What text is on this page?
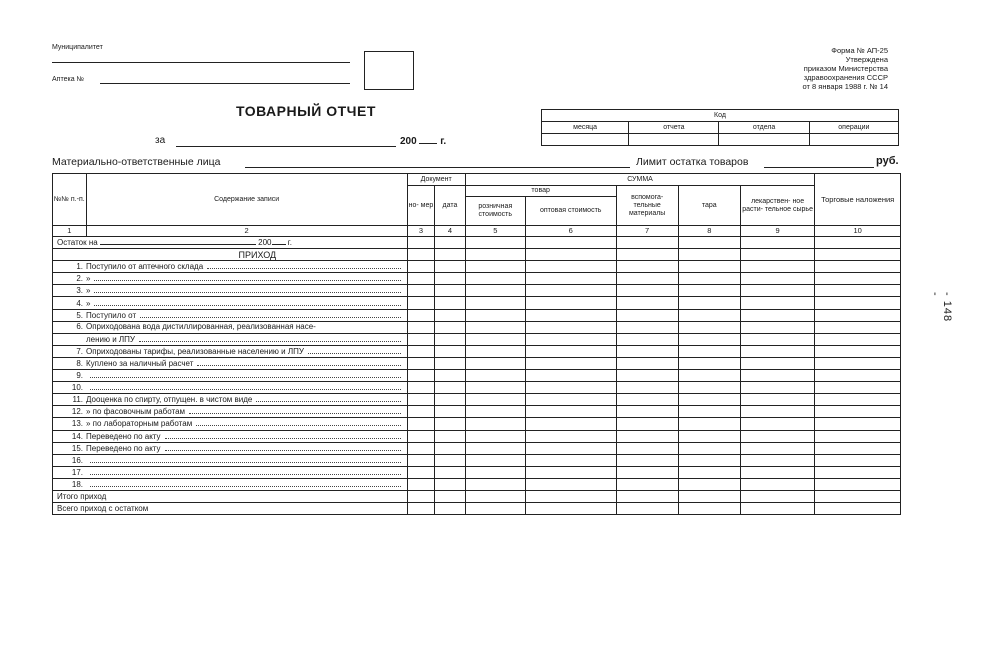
Муниципалитет
Аптека №
Форма № АП-25
Утверждена
приказом Министерства
здравоохранения СССР
от 8 января 1988 г. № 14
ТОВАРНЫЙ ОТЧЕТ
за	200 г.
Код			
месяца	отчета	отдела	операции

Материально-ответственные лица	Лимит остатка товаров	руб.
№№ п.-п.	Содержание записи	Документ		СУММА					Торговые наложения
		но- мер	дата	товар		вспомога- тельные материалы	тара	лекарствен- ное расти- тельное сырье	
				розничная стоимость	оптовая стоимость				
1	2	3	4	5	6	7	8	9	10
Остаток на 200 г.									
ПРИХОД									
1. Поступило от аптечного склада									
2. »									
3. »									
4. »									
5. Поступило от									
6. Оприходована вода дистиллированная, реализованная насе-									
лению и ЛПУ									
7. Оприходованы тарифы, реализованные населению и ЛПУ									
8. Куплено за наличный расчет									
9.									
10.									
11. Дооценка по спирту, отпущен. в чистом виде									
12. » по фасовочным работам									
13. » по лабораторным работам									
14. Переведено по акту									
15. Переведено по акту									
16.									
17.									
18.									
Итого приход									
Всего приход с остатком									
- 148 -
